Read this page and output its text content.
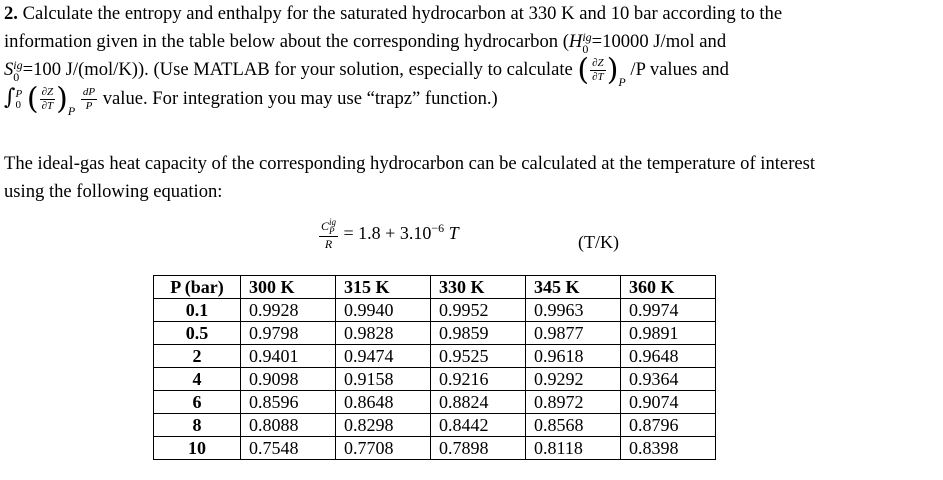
2. Calculate the entropy and enthalpy for the saturated hydrocarbon at 330 K and 10 bar according to the
information given in the table below about the corresponding hydrocarbon (H ig
0 =10000 J/mol and
S ig
0 =100 J/(mol/K)). (Use MATLAB for your solution, especially to calculate ( $\frac{\partial Z}{\partial T} )_P$ /P values and
∫ P
0 ( $\frac{\partial Z}{\partial T} )_P \frac{dP}{P}$ value. For integration you may use “trapz” function.)
The ideal-gas heat capacity of the corresponding hydrocarbon can be calculated at the temperature of interest
using the following equation:
C ig
P
$R = 1.8 + 3.10^{-6}$ T	(T/K)
P (bar)	300 K	315 K	330 K	345 K	360 K
0.1	0.9928	0.9940	0.9952	0.9963	0.9974
0.5	0.9798	0.9828	0.9859	0.9877	0.9891
2	0.9401	0.9474	0.9525	0.9618	0.9648
4	0.9098	0.9158	0.9216	0.9292	0.9364
6	0.8596	0.8648	0.8824	0.8972	0.9074
8	0.8088	0.8298	0.8442	0.8568	0.8796
10	0.7548	0.7708	0.7898	0.8118	0.8398
